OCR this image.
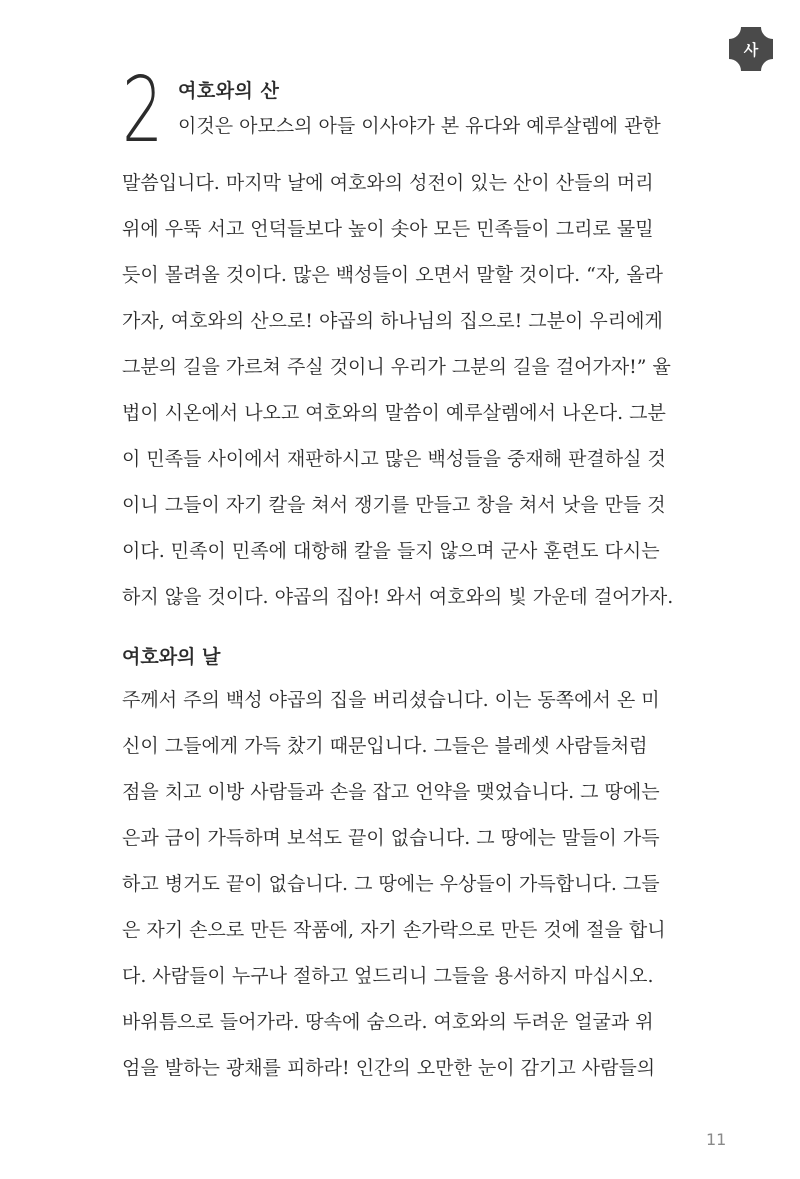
사
2 여호와의 산
이것은 아모스의 아들 이사야가 본 유다와 예루살렘에 관한
말씀입니다. 마지막 날에 여호와의 성전이 있는 산이 산들의 머리
위에 우뚝 서고 언덕들보다 높이 솟아 모든 민족들이 그리로 물밀
듯이 몰려올 것이다. 많은 백성들이 오면서 말할 것이다. “자, 올라
가자, 여호와의 산으로! 야곱의 하나님의 집으로! 그분이 우리에게
그분의 길을 가르쳐 주실 것이니 우리가 그분의 길을 걸어가자!” 율
법이 시온에서 나오고 여호와의 말씀이 예루살렘에서 나온다. 그분
이 민족들 사이에서 재판하시고 많은 백성들을 중재해 판결하실 것
이니 그들이 자기 칼을 쳐서 쟁기를 만들고 창을 쳐서 낫을 만들 것
이다. 민족이 민족에 대항해 칼을 들지 않으며 군사 훈련도 다시는
하지 않을 것이다. 야곱의 집아! 와서 여호와의 빛 가운데 걸어가자.
여호와의 날
주께서 주의 백성 야곱의 집을 버리셨습니다. 이는 동쪽에서 온 미
신이 그들에게 가득 찼기 때문입니다. 그들은 블레셋 사람들처럼
점을 치고 이방 사람들과 손을 잡고 언약을 맺었습니다. 그 땅에는
은과 금이 가득하며 보석도 끝이 없습니다. 그 땅에는 말들이 가득
하고 병거도 끝이 없습니다. 그 땅에는 우상들이 가득합니다. 그들
은 자기 손으로 만든 작품에, 자기 손가락으로 만든 것에 절을 합니
다. 사람들이 누구나 절하고 엎드리니 그들을 용서하지 마십시오.
바위틈으로 들어가라. 땅속에 숨으라. 여호와의 두려운 얼굴과 위
엄을 발하는 광채를 피하라! 인간의 오만한 눈이 감기고 사람들의
11
